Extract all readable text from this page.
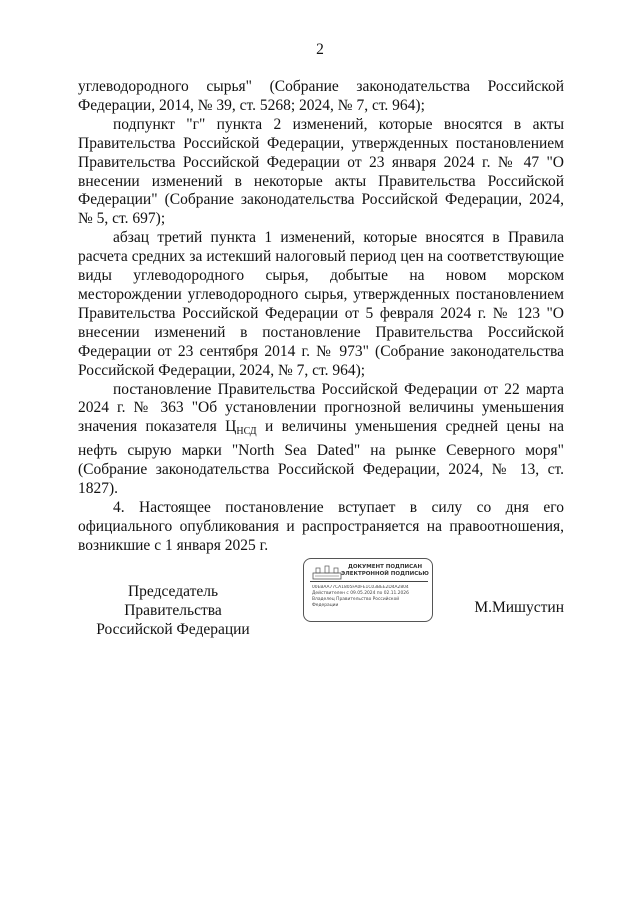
2

углеводородного сырья" (Собрание законодательства Российской Федерации, 2014, № 39, ст. 5268; 2024, № 7, ст. 964);

подпункт "г" пункта 2 изменений, которые вносятся в акты Правительства Российской Федерации, утвержденных постановлением Правительства Российской Федерации от 23 января 2024 г. № 47 "О внесении изменений в некоторые акты Правительства Российской Федерации" (Собрание законодательства Российской Федерации, 2024, № 5, ст. 697);

абзац третий пункта 1 изменений, которые вносятся в Правила расчета средних за истекший налоговый период цен на соответствующие виды углеводородного сырья, добытые на новом морском месторождении углеводородного сырья, утвержденных постановлением Правительства Российской Федерации от 5 февраля 2024 г. № 123 "О внесении изменений в постановление Правительства Российской Федерации от 23 сентября 2014 г. № 973" (Собрание законодательства Российской Федерации, 2024, № 7, ст. 964);

постановление Правительства Российской Федерации от 22 марта 2024 г. № 363 "Об установлении прогнозной величины уменьшения значения показателя $Ц_{НСД}$ и величины уменьшения средней цены на нефть сырую марки "North Sea Dated" на рынке Северного моря" (Собрание законодательства Российской Федерации, 2024, № 13, ст. 1827).

4. Настоящее постановление вступает в силу со дня его официального опубликования и распространяется на правоотношения, возникшие с 1 января 2025 г.

Председатель Правительства
Российской Федерации
ДОКУМЕНТ ПОДПИСАН
ЭЛЕКТРОННОЙ ПОДПИСЬЮ
00EBAA77CA1805FA0FE1C03BEE2D4A2804
Действителен с 09.05.2024 по 02.11.2026
Владелец Правительство Российской
Федерации	М.Мишустин
